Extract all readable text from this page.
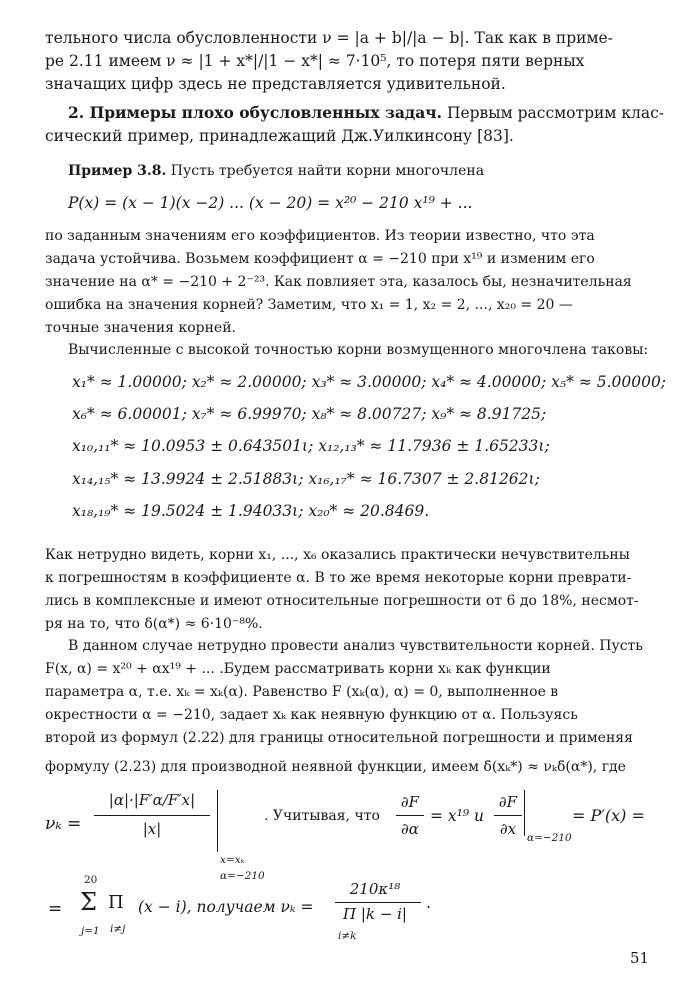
тельного числа обусловленности ν = |a + b|/|a − b|. Так как в приме-
ре 2.11 имеем ν ≈ |1 + x*|/|1 − x*| ≈ 7·10⁵, то потеря пяти верных
значащих цифр здесь не представляется удивительной.
2. Примеры плохо обусловленных задач. Первым рассмотрим клас-
сический пример, принадлежащий Дж.Уилкинсону [83].
Пример 3.8. Пусть требуется найти корни многочлена
P(x) = (x − 1)(x −2) ... (x − 20) = x²⁰ − 210 x¹⁹ + ...
по заданным значениям его коэффициентов. Из теории известно, что эта
задача устойчива. Возьмем коэффициент α = −210 при x¹⁹ и изменим его
значение на α* = −210 + 2⁻²³. Как повлияет эта, казалось бы, незначительная
ошибка на значения корней? Заметим, что x₁ = 1, x₂ = 2, ..., x₂₀ = 20 —
точные значения корней.
Вычисленные с высокой точностью корни возмущенного многочлена таковы:
x₁* ≈ 1.00000; x₂* ≈ 2.00000; x₃* ≈ 3.00000; x₄* ≈ 4.00000; x₅* ≈ 5.00000;
x₆* ≈ 6.00001; x₇* ≈ 6.99970; x₈* ≈ 8.00727; x₉* ≈ 8.91725;
x₁₀,₁₁* ≈ 10.0953 ± 0.643501ι; x₁₂,₁₃* ≈ 11.7936 ± 1.65233ι;
x₁₄,₁₅* ≈ 13.9924 ± 2.51883ι; x₁₆,₁₇* ≈ 16.7307 ± 2.81262ι;
x₁₈,₁₉* ≈ 19.5024 ± 1.94033ι; x₂₀* ≈ 20.8469.
Как нетрудно видеть, корни x₁, ..., x₆ оказались практически нечувствительны
к погрешностям в коэффициенте α. В то же время некоторые корни преврати-
лись в комплексные и имеют относительные погрешности от 6 до 18%, несмот-
ря на то, что δ(α*) ≈ 6·10⁻⁸%.
В данном случае нетрудно провести анализ чувствительности корней. Пусть
F(x, α) = x²⁰ + αx¹⁹ + ... .Будем рассматривать корни xₖ как функции
параметра α, т.е. xₖ = xₖ(α). Равенство F (xₖ(α), α) = 0, выполненное в
окрестности α = −210, задает xₖ как неявную функцию от α. Пользуясь
второй из формул (2.22) для границы относительной погрешности и применяя
формулу (2.23) для производной неявной функции, имеем δ̄(xₖ*) ≈ νₖδ̄(α*), где
νₖ =
|α|·|F′α/F′x|
|x|
x=xₖ
α=−210
. Учитывая, что
∂F
∂α
= x¹⁹ и
∂F
∂x	α=−210
= P′(x) =
=
20
Σ
j=1
Π
i≠j
(x − i), получаем νₖ =
210κ¹⁸
Π |k − i|
i≠k
.
51
